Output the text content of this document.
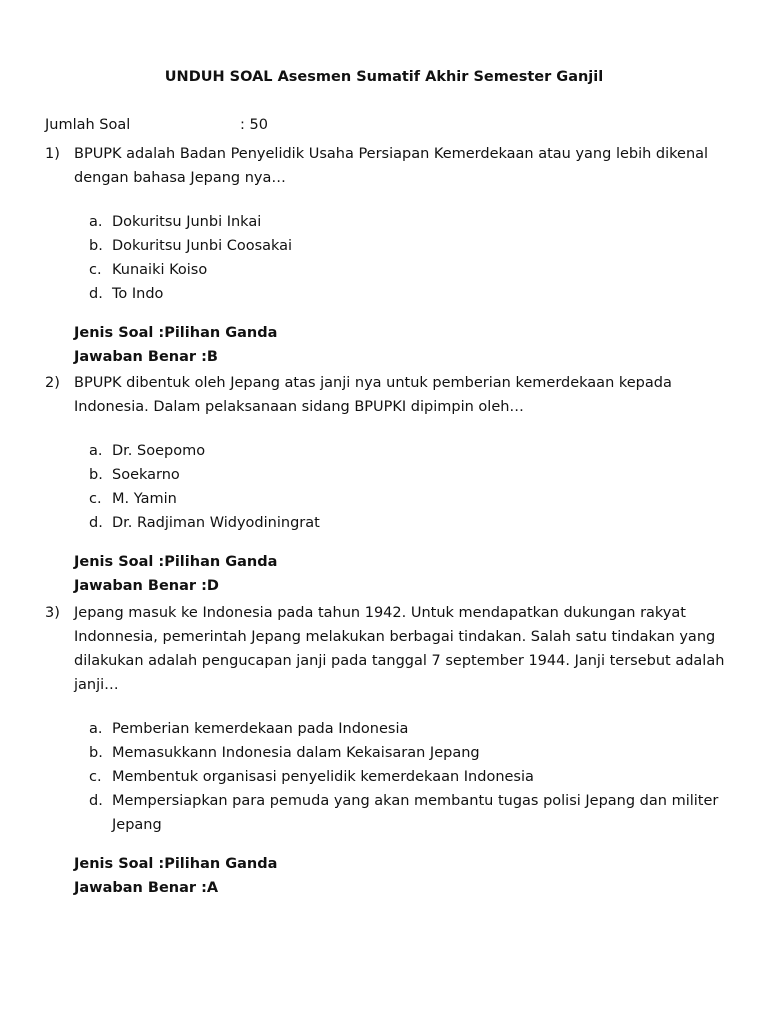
UNDUH SOAL Asesmen Sumatif Akhir Semester Ganjil
Jumlah Soal	: 50
1) BPUPK adalah Badan Penyelidik Usaha Persiapan Kemerdekaan atau yang lebih dikenal dengan bahasa Jepang nya…
a. Dokuritsu Junbi Inkai
b. Dokuritsu Junbi Coosakai
c. Kunaiki Koiso
d. To Indo
Jenis Soal :Pilihan Ganda
Jawaban Benar :B
2) BPUPK dibentuk oleh Jepang atas janji nya untuk pemberian kemerdekaan kepada Indonesia. Dalam pelaksanaan sidang BPUPKI dipimpin oleh…
a. Dr. Soepomo
b. Soekarno
c. M. Yamin
d. Dr. Radjiman Widyodiningrat
Jenis Soal :Pilihan Ganda
Jawaban Benar :D
3) Jepang masuk ke Indonesia pada tahun 1942. Untuk mendapatkan dukungan rakyat Indonnesia, pemerintah Jepang melakukan berbagai tindakan. Salah satu tindakan yang dilakukan adalah pengucapan janji pada tanggal 7 september 1944. Janji tersebut adalah janji…
a. Pemberian kemerdekaan pada Indonesia
b. Memasukkann Indonesia dalam Kekaisaran Jepang
c. Membentuk organisasi penyelidik kemerdekaan Indonesia
d. Mempersiapkan para pemuda yang akan membantu tugas polisi Jepang dan militer Jepang
Jenis Soal :Pilihan Ganda
Jawaban Benar :A
